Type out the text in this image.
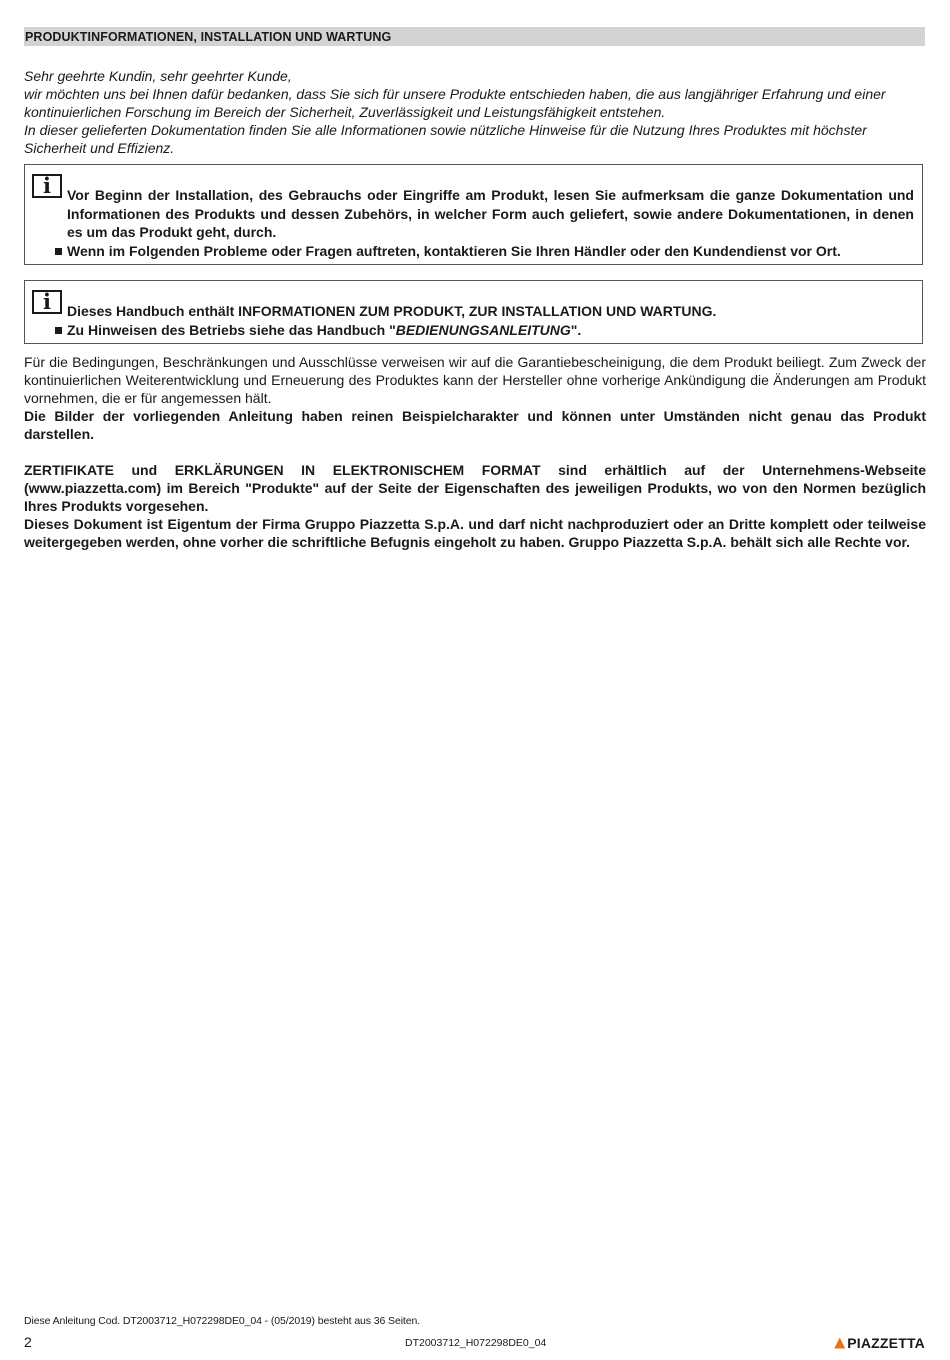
PRODUKTINFORMATIONEN, INSTALLATION UND WARTUNG

Sehr geehrte Kundin, sehr geehrter Kunde,

wir möchten uns bei Ihnen dafür bedanken, dass Sie sich für unsere Produkte entschieden haben, die aus langjähriger Erfahrung und einer kontinuierlichen Forschung im Bereich der Sicherheit, Zuverlässigkeit und Leistungsfähigkeit entstehen.

In dieser gelieferten Dokumentation finden Sie alle Informationen sowie nützliche Hinweise für die Nutzung Ihres Produktes mit höchster Sicherheit und Effizienz.

i	Vor Beginn der Installation, des Gebrauchs oder Eingriffe am Produkt, lesen Sie aufmerksam die ganze Dokumentation und Informationen des Produkts und dessen Zubehörs, in welcher Form auch geliefert, sowie andere Dokumentationen, in denen es um das Produkt geht, durch.
Wenn im Folgenden Probleme oder Fragen auftreten, kontaktieren Sie Ihren Händler oder den Kundendienst vor Ort.
i	Dieses Handbuch enthält INFORMATIONEN ZUM PRODUKT, ZUR INSTALLATION UND WARTUNG.
Zu Hinweisen des Betriebs siehe das Handbuch "BEDIENUNGSANLEITUNG".

Für die Bedingungen, Beschränkungen und Ausschlüsse verweisen wir auf die Garantiebescheinigung, die dem Produkt beiliegt. Zum Zweck der kontinuierlichen Weiterentwicklung und Erneuerung des Produktes kann der Hersteller ohne vorherige Ankündigung die Änderungen am Produkt vornehmen, die er für angemessen hält.

Die Bilder der vorliegenden Anleitung haben reinen Beispielcharakter und können unter Umständen nicht genau das Produkt darstellen.

ZERTIFIKATE und ERKLÄRUNGEN IN ELEKTRONISCHEM FORMAT sind erhältlich auf der Unternehmens-Webseite (www.piazzetta.com) im Bereich "Produkte" auf der Seite der Eigenschaften des jeweiligen Produkts, wo von den Normen bezüglich Ihres Produkts vorgesehen.

Dieses Dokument ist Eigentum der Firma Gruppo Piazzetta S.p.A. und darf nicht nachproduziert oder an Dritte komplett oder teilweise weitergegeben werden, ohne vorher die schriftliche Befugnis eingeholt zu haben. Gruppo Piazzetta S.p.A. behält sich alle Rechte vor.

Diese Anleitung Cod. DT2003712_H072298DE0_04 - (05/2019) besteht aus 36 Seiten.
2	DT2003712_H072298DE0_04	PIAZZETTA
